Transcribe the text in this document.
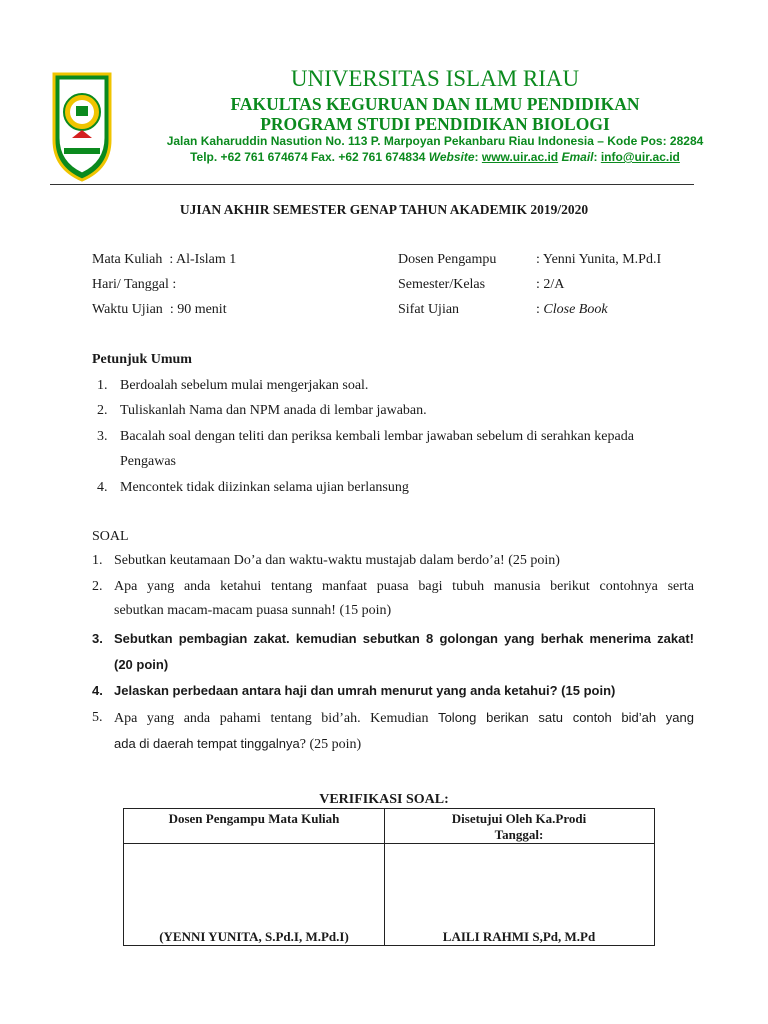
UNIVERSITAS ISLAM RIAU
FAKULTAS KEGURUAN DAN ILMU PENDIDIKAN
PROGRAM STUDI PENDIDIKAN BIOLOGI
Jalan Kaharuddin Nasution No. 113 P. Marpoyan Pekanbaru Riau Indonesia – Kode Pos: 28284
Telp. +62 761 674674 Fax. +62 761 674834 Website: www.uir.ac.id Email: info@uir.ac.id
UJIAN AKHIR SEMESTER GENAP TAHUN AKADEMIK 2019/2020
Mata Kuliah : Al-Islam 1
Hari/ Tanggal :
Waktu Ujian : 90 menit
Dosen Pengampu	: Yenni Yunita, M.Pd.I
Semester/Kelas	: 2/A
Sifat Ujian	: Close Book
Petunjuk Umum
1. Berdoalah sebelum mulai mengerjakan soal.
2. Tuliskanlah Nama dan NPM anada di lembar jawaban.
3. Bacalah soal dengan teliti dan periksa kembali lembar jawaban sebelum di serahkan kepada
Pengawas
4. Mencontek tidak diizinkan selama ujian berlansung
SOAL
1. Sebutkan keutamaan Do’a dan waktu-waktu mustajab dalam berdo’a! (25 poin)
2. Apa yang anda ketahui tentang manfaat puasa bagi tubuh manusia berikut contohnya serta
sebutkan macam-macam puasa sunnah! (15 poin)
3. Sebutkan pembagian zakat. kemudian sebutkan 8 golongan yang berhak menerima zakat!
(20 poin)
4. Jelaskan perbedaan antara haji dan umrah menurut yang anda ketahui? (15 poin)
5. Apa yang anda pahami tentang bid’ah. Kemudian Tolong berikan satu contoh bid’ah yang
ada di daerah tempat tinggalnya? (25 poin)
VERIFIKASI SOAL:
Dosen Pengampu Mata Kuliah	Disetujui Oleh Ka.Prodi
Tanggal:
(YENNI YUNITA, S.Pd.I, M.Pd.I)	LAILI RAHMI S,Pd, M.Pd
